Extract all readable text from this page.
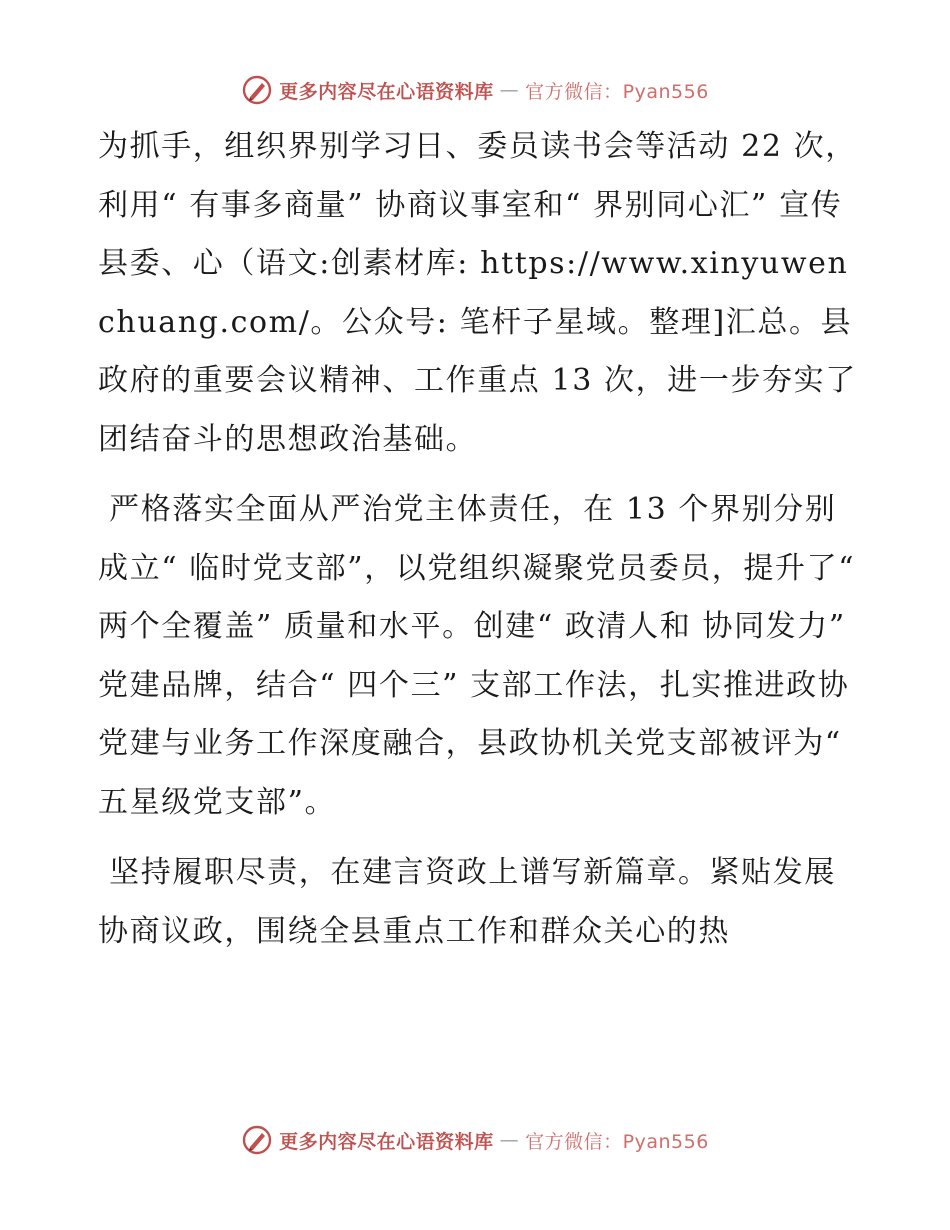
更多内容尽在心语资料库 — 官方微信：Pyan556

为抓手，组织界别学习日、委员读书会等活动 22 次，利用“ 有事多商量” 协商议事室和“ 界别同心汇” 宣传县委、心（语文:创素材库: https://www.xinyuwenchuang.com/。公众号: 笔杆子星域。整理]汇总。县政府的重要会议精神、工作重点 13 次，进一步夯实了团结奋斗的思想政治基础。

严格落实全面从严治党主体责任，在 13 个界别分别成立“ 临时党支部”，以党组织凝聚党员委员，提升了“ 两个全覆盖” 质量和水平。创建“ 政清人和 协同发力” 党建品牌，结合“ 四个三” 支部工作法，扎实推进政协党建与业务工作深度融合，县政协机关党支部被评为“ 五星级党支部”。

坚持履职尽责，在建言资政上谱写新篇章。紧贴发展协商议政，围绕全县重点工作和群众关心的热

更多内容尽在心语资料库 — 官方微信：Pyan556
